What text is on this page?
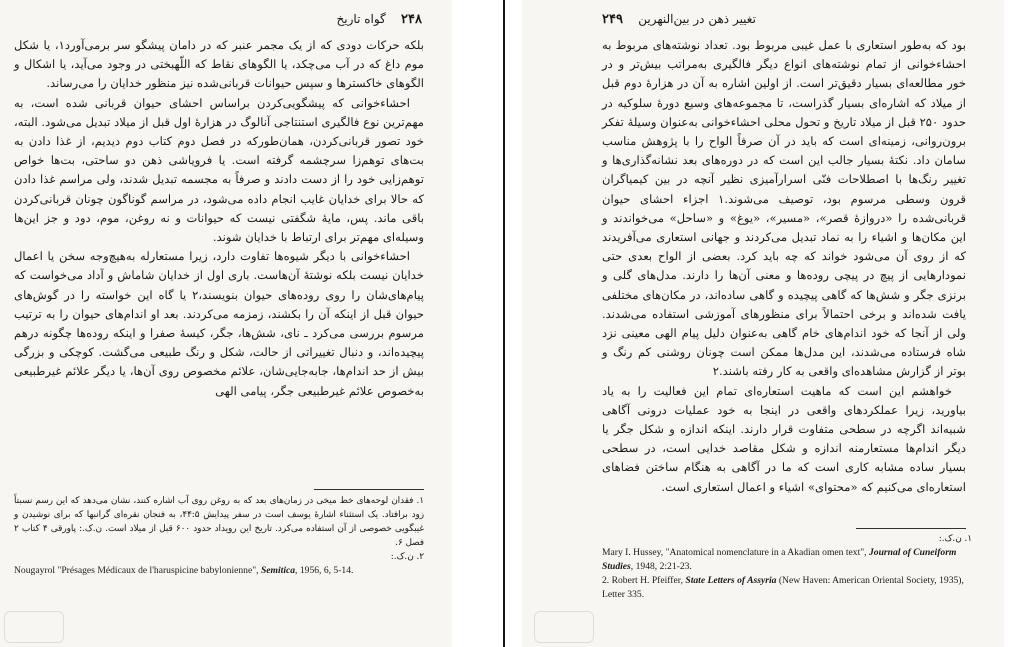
۲۴۸    گواه تاریخ

بلکه حرکات دودی که از یک مجمر عنبر که در دامان پیشگو سر برمی‌آورد۱، یا شکل موم داغ که در آب می‌چکد، یا الگوهای نقاط که اللّهبختی در وجود می‌آید، یا اشکال و الگوهای خاکسترها و سپس حیوانات قربانی‌شده نیز منظور خدایان را می‌رساند.

احشاءخوانی که پیشگویی‌کردن براساس احشای حیوان قربانی شده است، به مهم‌ترین نوع فالگیری استنتاجی آنالوگ در هزارهٔ اول قبل از میلاد تبدیل می‌شود. البته، خود تصور قربانی‌کردن، همان‌طورکه در فصل دوم کتاب دوم دیدیم، از غذا دادن به بت‌های توهم‌زا سرچشمه گرفته است. یا فرویاشی ذهن دو ساحتی، بت‌ها خواص توهم‌زایی خود را از دست دادند و صرفاً به مجسمه تبدیل شدند، ولی مراسم غذا دادن که حالا برای خدایان غایب انجام داده می‌شود، در مراسم گوناگون چونان قربانی‌کردن باقی ماند. پس، مایهٔ شگفتی نیست که حیوانات و نه روغن، موم، دود و جز این‌ها وسیله‌ای مهم‌تر برای ارتباط با خدایان شوند.

احشاءخوانی با دیگر شیوه‌ها تفاوت دارد، زیرا مستعارله به‌هیچ‌وجه سخن یا اعمال خدایان نیست بلکه نوشتهٔ آن‌هاست. باری اول از خدایان شاماش و آداد می‌خواست که پیام‌های‌شان را روی روده‌های حیوان بنویسند،۲ یا گاه این خواسته را در گوش‌های حیوان قبل از اینکه آن را بکشند، زمزمه می‌کردند. بعد او اندام‌های حیوان را به ترتیب مرسوم بررسی می‌کرد ـ نای، شش‌ها، جگر، کیسهٔ صفرا و اینکه روده‌ها چگونه درهم پیچیده‌اند، و دنبال تغییراتی از حالت، شکل و رنگ طبیعی می‌گشت. کوچکی و بزرگی بیش از حد اندام‌ها، جابه‌جایی‌شان، علائم مخصوص روی آن‌ها، یا دیگر علائم غیرطبیعی به‌خصوص علائم غیرطبیعی جگر، پیامی الهی

۱. فقدان لوحه‌های خط میخی در زمان‌های بعد که به روغن روی آب اشاره کنند، نشان می‌دهد که این رسم نسبتاً زود برافتاد. یک استثناء اشارهٔ یوسف است در سفر پیدایش ۴۴:۵، به فنجان نقره‌ای گرانبها که برای نوشیدن و غیبگویی خصوصی از آن استفاده می‌کرد. تاریخ این رویداد حدود ۶۰۰ قبل از میلاد است. ن.ک.: پاورقی ۴ کتاب ۲ فصل ۶.
۲. ن.ک.:
Nougayrol "Présages Médicaux de l'haruspicine babylonienne", Semitica, 1956, 6, 5-14.
تغییر ذهن در بین‌النهرین    ۲۴۹

بود که به‌طور استعاری با عمل غیبی مربوط بود. تعداد نوشته‌های مربوط به احشاءخوانی از تمام نوشته‌های انواع دیگر فالگیری به‌مراتب بیش‌تر و در خور مطالعه‌ای بسیار دقیق‌تر است. از اولین اشاره به آن در هزارهٔ دوم قبل از میلاد که اشاره‌ای بسیار گذراست، تا مجموعه‌های وسیع دورهٔ سلوکیه در حدود ۲۵۰ قبل از میلاد تاریخ و تحول محلی احشاءخوانی به‌عنوان وسیلهٔ تفکر برون‌روانی، زمینه‌ای است که باید در آن صرفاً الواح را با پژوهش مناسب سامان داد. نکتهٔ بسیار جالب این است که در دوره‌های بعد نشانه‌گذاری‌ها و تغییر رنگ‌ها با اصطلاحات فنّی اسرارآمیزی نظیر آنچه در بین کیمیاگران قرون وسطی مرسوم بود، توصیف می‌شوند.۱ اجزاء احشای حیوان قربانی‌شده را «دروازهٔ قصر»، «مسیر»، «یوغ» و «ساحل» می‌خواندند و این مکان‌ها و اشیاء را به نماد تبدیل می‌کردند و جهانی استعاری می‌آفریدند که از روی آن می‌شود خواند که چه باید کرد. بعضی از الواح بعدی حتی نمودارهایی از پیچ در پیچی روده‌ها و معنی آن‌ها را دارند. مدل‌های گلی و برنزی جگر و شش‌ها که گاهی پیچیده و گاهی ساده‌اند، در مکان‌های مختلفی یافت شده‌اند و برخی احتمالاً برای منظورهای آموزشی استفاده می‌شدند. ولی از آنجا که خود اندام‌های خام گاهی به‌عنوان دلیل پیام الهی معینی نزد شاه فرستاده می‌شدند، این مدل‌ها ممکن است چونان روشنی کم رنگ و بوتر از گزارش مشاهده‌ای واقعی به کار رفته باشند.۲

خواهشم این است که ماهیت استعاره‌ای تمام این فعالیت را به یاد بیاورید، زیرا عملکردهای واقعی در اینجا به خود عملیات درونی آگاهی شبیه‌اند اگرچه در سطحی متفاوت قرار دارند. اینکه اندازه و شکل جگر یا دیگر اندام‌ها مستعارمنه اندازه و شکل مقاصد خدایی است، در سطحی بسیار ساده مشابه کاری است که ما در آگاهی به هنگام ساختن فضاهای استعاره‌ای می‌کنیم که «محتوای» اشیاء و اعمال استعاری است.

۱. ن.ک.:
Mary I. Hussey, "Anatomical nomenclature in a Akadian omen text", Journal of Cuneiform Studies, 1948, 2:21-23.
2. Robert H. Pfeiffer, State Letters of Assyria (New Haven: American Oriental Society, 1935), Letter 335.
